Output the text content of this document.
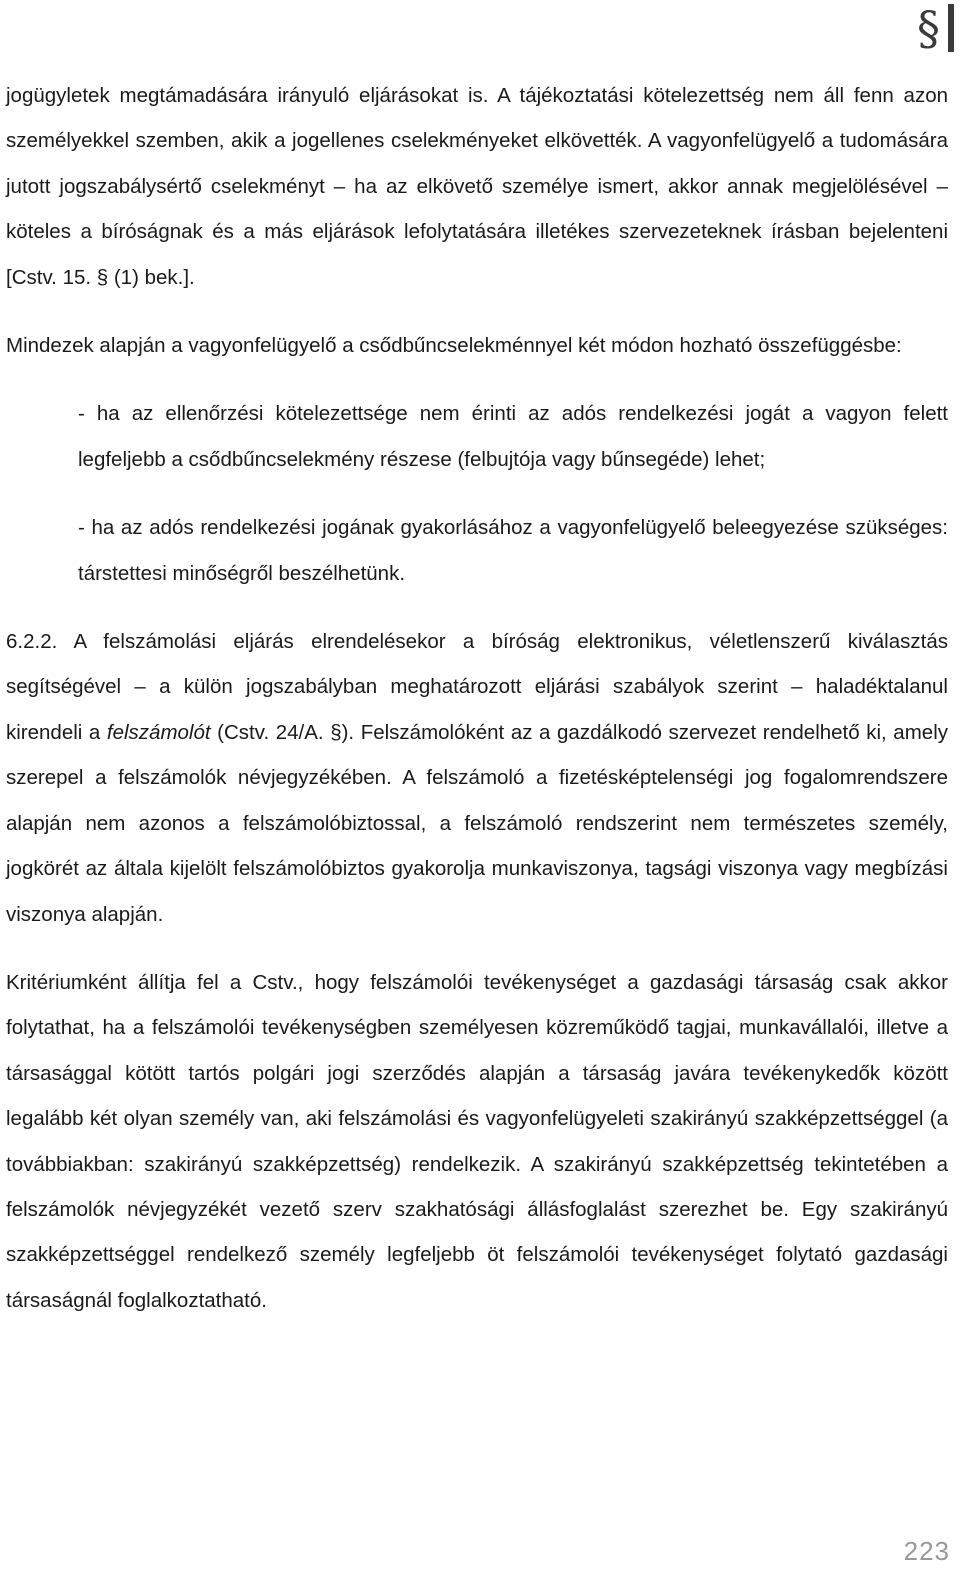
§

jogügyletek megtámadására irányuló eljárásokat is. A tájékoztatási kötelezettség nem áll fenn azon személyekkel szemben, akik a jogellenes cselekményeket elkövették. A vagyonfelügyelő a tudomására jutott jogszabálysértő cselekményt – ha az elkövető személye ismert, akkor annak megjelölésével – köteles a bíróságnak és a más eljárások lefolytatására illetékes szervezeteknek írásban bejelenteni [Cstv. 15. § (1) bek.].

Mindezek alapján a vagyonfelügyelő a csődbűncselekménnyel két módon hozható összefüggésbe:

- ha az ellenőrzési kötelezettsége nem érinti az adós rendelkezési jogát a vagyon felett legfeljebb a csődbűncselekmény részese (felbujtója vagy bűnsegéde) lehet;

- ha az adós rendelkezési jogának gyakorlásához a vagyonfelügyelő beleegyezése szükséges: társtettesi minőségről beszélhetünk.

6.2.2. A felszámolási eljárás elrendelésekor a bíróság elektronikus, véletlenszerű kiválasztás segítségével – a külön jogszabályban meghatározott eljárási szabályok szerint – haladéktalanul kirendeli a felszámolót (Cstv. 24/A. §). Felszámolóként az a gazdálkodó szervezet rendelhető ki, amely szerepel a felszámolók névjegyzékében. A felszámoló a fizetésképtelenségi jog fogalomrendszere alapján nem azonos a felszámolóbiztossal, a felszámoló rendszerint nem természetes személy, jogkörét az általa kijelölt felszámolóbiztos gyakorolja munkaviszonya, tagsági viszonya vagy megbízási viszonya alapján.

Kritériumként állítja fel a Cstv., hogy felszámolói tevékenységet a gazdasági társaság csak akkor folytathat, ha a felszámolói tevékenységben személyesen közreműködő tagjai, munkavállalói, illetve a társasággal kötött tartós polgári jogi szerződés alapján a társaság javára tevékenykedők között legalább két olyan személy van, aki felszámolási és vagyonfelügyeleti szakirányú szakképzettséggel (a továbbiakban: szakirányú szakképzettség) rendelkezik. A szakirányú szakképzettség tekintetében a felszámolók névjegyzékét vezető szerv szakhatósági állásfoglalást szerezhet be. Egy szakirányú szakképzettséggel rendelkező személy legfeljebb öt felszámolói tevékenységet folytató gazdasági társaságnál foglalkoztatható.

223
